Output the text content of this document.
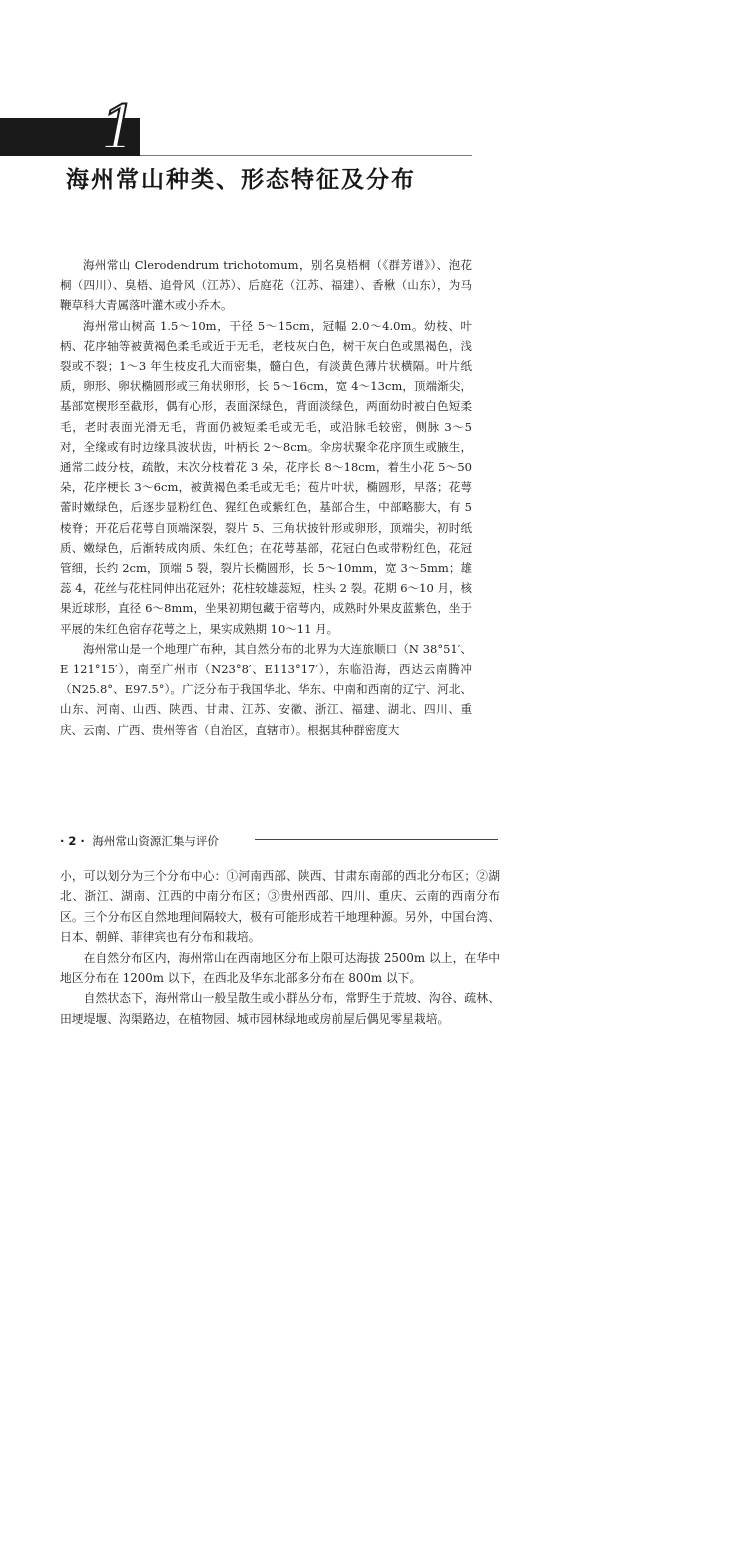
1
海州常山种类、形态特征及分布

海州常山 Clerodendrum trichotomum，别名臭梧桐（《群芳谱》）、泡花桐（四川）、臭梧、追骨风（江苏）、后庭花（江苏、福建）、香楸（山东），为马鞭草科大青属落叶灌木或小乔木。

海州常山树高 1.5～10m，干径 5～15cm，冠幅 2.0～4.0m。幼枝、叶柄、花序轴等被黄褐色柔毛或近于无毛，老枝灰白色，树干灰白色或黑褐色，浅裂或不裂；1～3 年生枝皮孔大而密集，髓白色，有淡黄色薄片状横隔。叶片纸质，卵形、卵状椭圆形或三角状卵形，长 5～16cm，宽 4～13cm，顶端渐尖，基部宽楔形至截形，偶有心形，表面深绿色，背面淡绿色，两面幼时被白色短柔毛，老时表面光滑无毛，背面仍被短柔毛或无毛，或沿脉毛较密，侧脉 3～5 对，全缘或有时边缘具波状齿，叶柄长 2～8cm。伞房状聚伞花序顶生或腋生，通常二歧分枝，疏散，末次分枝着花 3 朵，花序长 8～18cm，着生小花 5～50 朵，花序梗长 3～6cm，被黄褐色柔毛或无毛；苞片叶状，椭圆形，早落；花萼蕾时嫩绿色，后逐步显粉红色、猩红色或紫红色，基部合生，中部略膨大，有 5 棱脊；开花后花萼自顶端深裂，裂片 5、三角状披针形或卵形，顶端尖，初时纸质、嫩绿色，后渐转成肉质、朱红色；在花萼基部，花冠白色或带粉红色，花冠管细，长约 2cm，顶端 5 裂，裂片长椭圆形，长 5～10mm，宽 3～5mm；雄蕊 4，花丝与花柱同伸出花冠外；花柱较雄蕊短，柱头 2 裂。花期 6～10 月，核果近球形，直径 6～8mm，坐果初期包藏于宿萼内，成熟时外果皮蓝紫色，坐于平展的朱红色宿存花萼之上，果实成熟期 10～11 月。

海州常山是一个地理广布种，其自然分布的北界为大连旅顺口（N 38°51′、E 121°15′），南至广州市（N23°8′、E113°17′），东临沿海，西达云南腾冲（N25.8°、E97.5°）。广泛分布于我国华北、华东、中南和西南的辽宁、河北、山东、河南、山西、陕西、甘肃、江苏、安徽、浙江、福建、湖北、四川、重庆、云南、广西、贵州等省（自治区，直辖市）。根据其种群密度大

· 2 · 海州常山资源汇集与评价

小，可以划分为三个分布中心：①河南西部、陕西、甘肃东南部的西北分布区；②湖北、浙江、湖南、江西的中南分布区；③贵州西部、四川、重庆、云南的西南分布区。三个分布区自然地理间隔较大，极有可能形成若干地理种源。另外，中国台湾、日本、朝鲜、菲律宾也有分布和栽培。

在自然分布区内，海州常山在西南地区分布上限可达海拔 2500m 以上，在华中地区分布在 1200m 以下，在西北及华东北部多分布在 800m 以下。

自然状态下，海州常山一般呈散生或小群丛分布，常野生于荒坡、沟谷、疏林、田埂堤堰、沟渠路边，在植物园、城市园林绿地或房前屋后偶见零星栽培。
